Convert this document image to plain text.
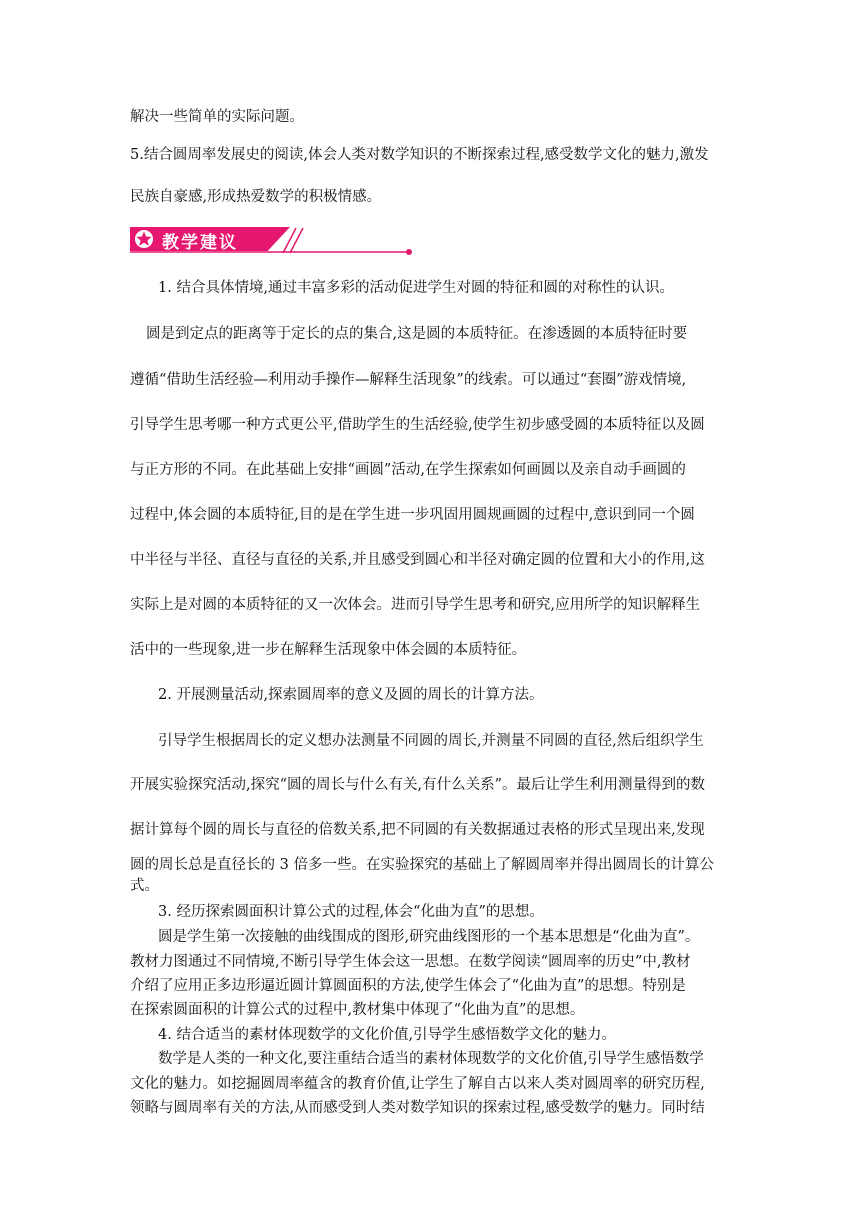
解决一些简单的实际问题。

5.结合圆周率发展史的阅读,体会人类对数学知识的不断探索过程,感受数学文化的魅力,激发

民族自豪感,形成热爱数学的积极情感。

教学建议

1. 结合具体情境,通过丰富多彩的活动促进学生对圆的特征和圆的对称性的认识。

圆是到定点的距离等于定长的点的集合,这是圆的本质特征。在渗透圆的本质特征时要

遵循“借助生活经验—利用动手操作—解释生活现象”的线索。可以通过“套圈”游戏情境,

引导学生思考哪一种方式更公平,借助学生的生活经验,使学生初步感受圆的本质特征以及圆

与正方形的不同。在此基础上安排“画圆”活动,在学生探索如何画圆以及亲自动手画圆的

过程中,体会圆的本质特征,目的是在学生进一步巩固用圆规画圆的过程中,意识到同一个圆

中半径与半径、直径与直径的关系,并且感受到圆心和半径对确定圆的位置和大小的作用,这

实际上是对圆的本质特征的又一次体会。进而引导学生思考和研究,应用所学的知识解释生

活中的一些现象,进一步在解释生活现象中体会圆的本质特征。

2. 开展测量活动,探索圆周率的意义及圆的周长的计算方法。

引导学生根据周长的定义想办法测量不同圆的周长,并测量不同圆的直径,然后组织学生

开展实验探究活动,探究“圆的周长与什么有关,有什么关系”。最后让学生利用测量得到的数

据计算每个圆的周长与直径的倍数关系,把不同圆的有关数据通过表格的形式呈现出来,发现

圆的周长总是直径长的 3 倍多一些。在实验探究的基础上了解圆周率并得出圆周长的计算公

式。

3. 经历探索圆面积计算公式的过程,体会“化曲为直”的思想。

圆是学生第一次接触的曲线围成的图形,研究曲线图形的一个基本思想是“化曲为直”。

教材力图通过不同情境,不断引导学生体会这一思想。在数学阅读“圆周率的历史”中,教材

介绍了应用正多边形逼近圆计算圆面积的方法,使学生体会了“化曲为直”的思想。特别是

在探索圆面积的计算公式的过程中,教材集中体现了“化曲为直”的思想。

4. 结合适当的素材体现数学的文化价值,引导学生感悟数学文化的魅力。

数学是人类的一种文化,要注重结合适当的素材体现数学的文化价值,引导学生感悟数学

文化的魅力。如挖掘圆周率蕴含的教育价值,让学生了解自古以来人类对圆周率的研究历程,

领略与圆周率有关的方法,从而感受到人类对数学知识的探索过程,感受数学的魅力。同时结
